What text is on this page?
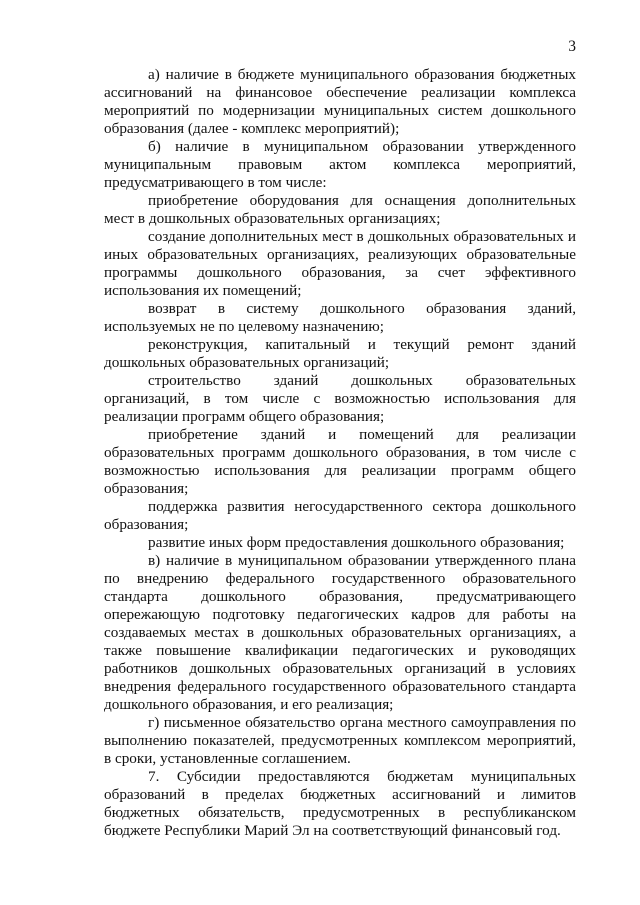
3

а) наличие в бюджете муниципального образования бюджетных ассигнований на финансовое обеспечение реализации комплекса мероприятий по модернизации муниципальных систем дошкольного образования (далее - комплекс мероприятий);

б) наличие в муниципальном образовании утвержденного муниципальным правовым актом комплекса мероприятий, предусматривающего в том числе:

приобретение оборудования для оснащения дополнительных мест в дошкольных образовательных организациях;

создание дополнительных мест в дошкольных образовательных и иных образовательных организациях, реализующих образовательные программы дошкольного образования, за счет эффективного использования их помещений;

возврат в систему дошкольного образования зданий, используемых не по целевому назначению;

реконструкция, капитальный и текущий ремонт зданий дошкольных образовательных организаций;

строительство зданий дошкольных образовательных организаций, в том числе с возможностью использования для реализации программ общего образования;

приобретение зданий и помещений для реализации образовательных программ дошкольного образования, в том числе с возможностью использования для реализации программ общего образования;

поддержка развития негосударственного сектора дошкольного образования;

развитие иных форм предоставления дошкольного образования;

в) наличие в муниципальном образовании утвержденного плана по внедрению федерального государственного образовательного стандарта дошкольного образования, предусматривающего опережающую подготовку педагогических кадров для работы на создаваемых местах в дошкольных образовательных организациях, а также повышение квалификации педагогических и руководящих работников дошкольных образовательных организаций в условиях внедрения федерального государственного образовательного стандарта дошкольного образования, и его реализация;

г) письменное обязательство органа местного самоуправления по выполнению показателей, предусмотренных комплексом мероприятий, в сроки, установленные соглашением.

7. Субсидии предоставляются бюджетам муниципальных образований в пределах бюджетных ассигнований и лимитов бюджетных обязательств, предусмотренных в республиканском бюджете Республики Марий Эл на соответствующий финансовый год.
